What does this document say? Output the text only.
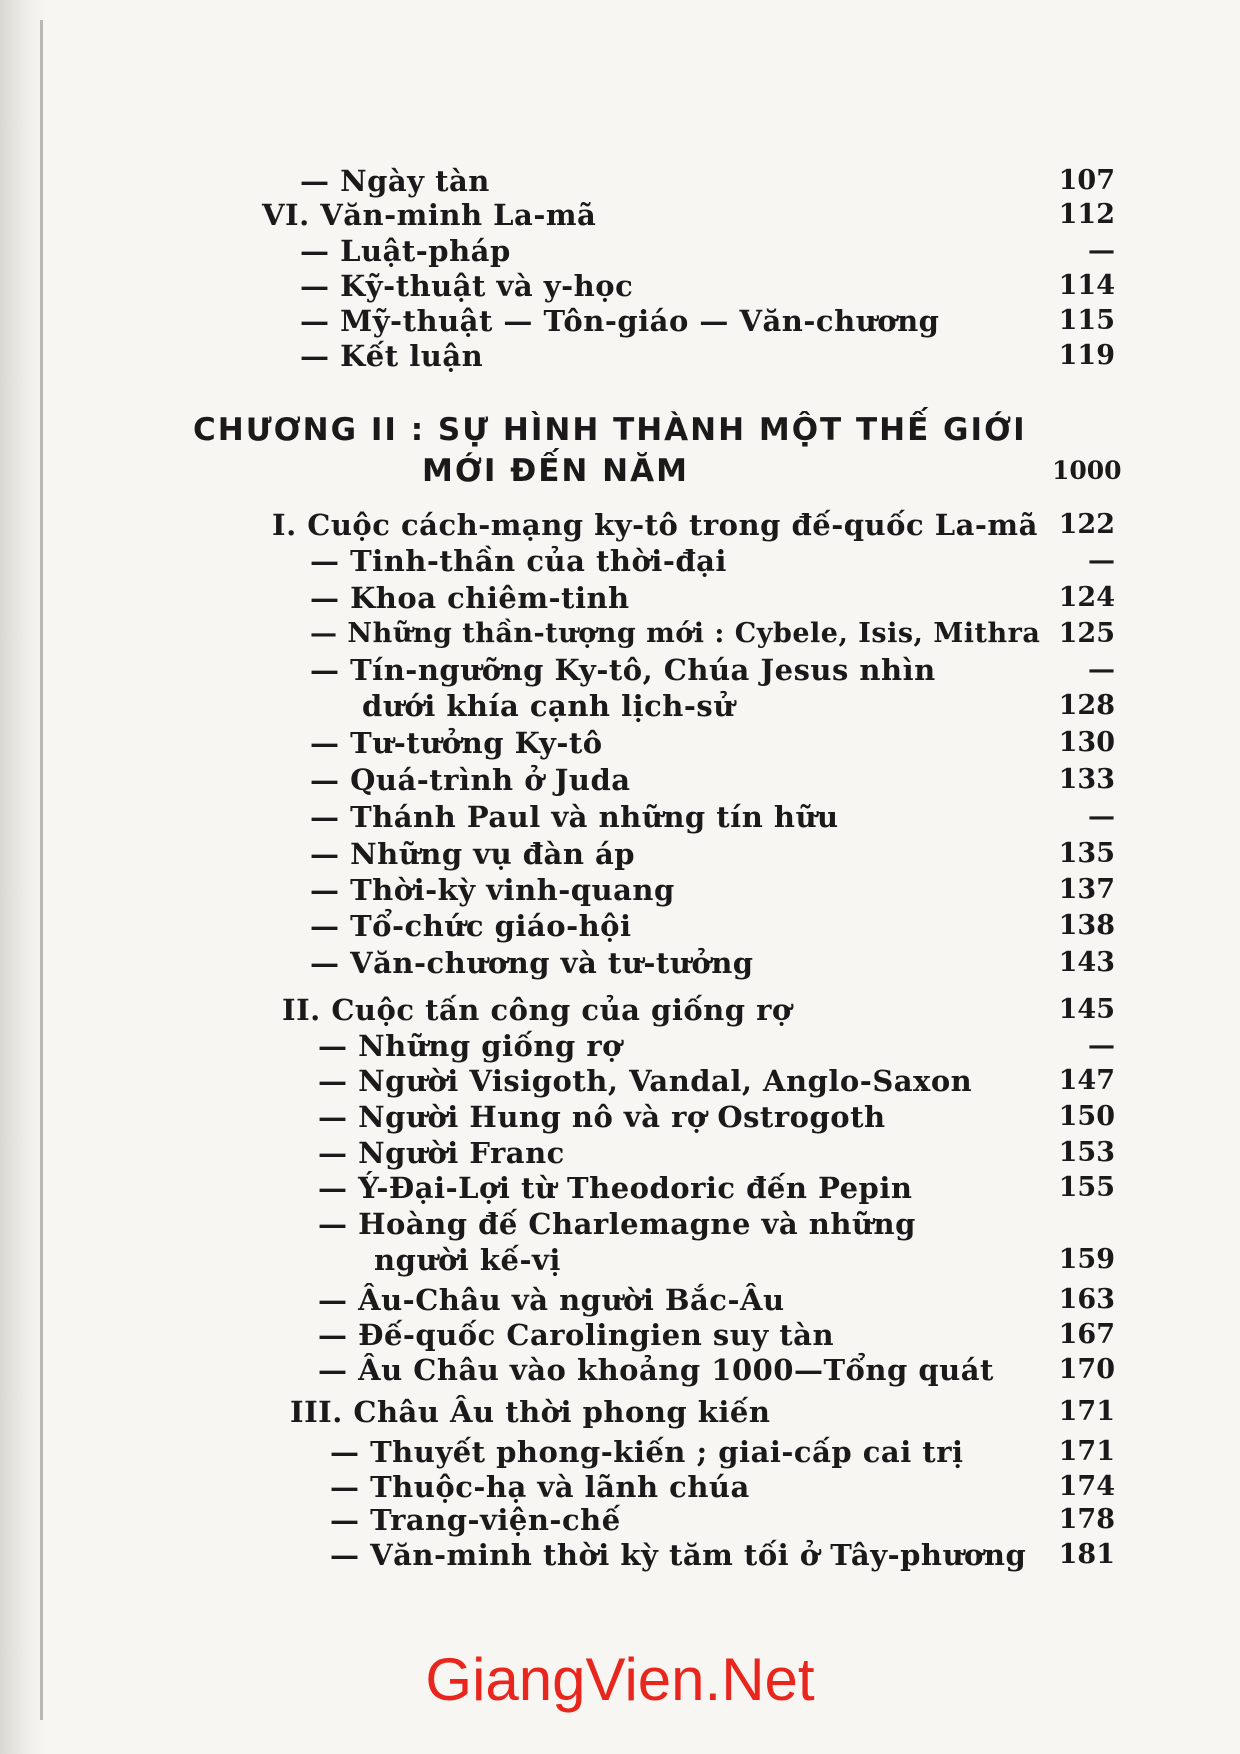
— Ngày tàn	107
VI. Văn-minh La-mã	112
— Luật-pháp	—
— Kỹ-thuật và y-học	114
— Mỹ-thuật — Tôn-giáo — Văn-chương	115
— Kết luận	119
CHƯƠNG II : SỰ HÌNH THÀNH MỘT THẾ GIỚI
MỚI ĐẾN NĂM	1000
I. Cuộc cách-mạng ky-tô trong đế-quốc La-mã 122
— Tinh-thần của thời-đại	—
— Khoa chiêm-tinh	124
— Những thần-tượng mới : Cybele, Isis, Mithra 125
— Tín-ngưỡng Ky-tô, Chúa Jesus nhìn	—
dưới khía cạnh lịch-sử	128
— Tư-tưởng Ky-tô	130
— Quá-trình ở Juda	133
— Thánh Paul và những tín hữu	—
— Những vụ đàn áp	135
— Thời-kỳ vinh-quang	137
— Tổ-chức giáo-hội	138
— Văn-chương và tư-tưởng	143
II. Cuộc tấn công của giống rợ	145
— Những giống rợ	—
— Người Visigoth, Vandal, Anglo-Saxon	147
— Người Hung nô và rợ Ostrogoth	150
— Người Franc	153
— Ý-Đại-Lợi từ Theodoric đến Pepin	155
— Hoàng đế Charlemagne và những
người kế-vị	159
— Âu-Châu và người Bắc-Âu	163
— Đế-quốc Carolingien suy tàn	167
— Âu Châu vào khoảng 1000—Tổng quát 170
III. Châu Âu thời phong kiến	171
— Thuyết phong-kiến ; giai-cấp cai trị	171
— Thuộc-hạ và lãnh chúa	174
— Trang-viện-chế	178
— Văn-minh thời kỳ tăm tối ở Tây-phương 181
GiangVien.Net
